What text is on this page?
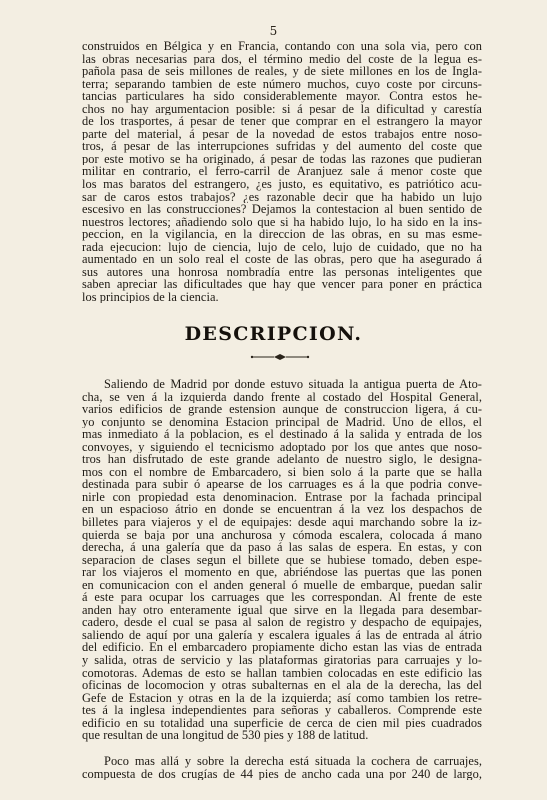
5
construidos en Bélgica y en Francia, contando con una sola via, pero con
las obras necesarias para dos, el término medio del coste de la legua es-
pañola pasa de seis millones de reales, y de siete millones en los de Ingla-
terra; separando tambien de este número muchos, cuyo coste por circuns-
tancias particulares ha sido considerablemente mayor. Contra estos he-
chos no hay argumentacion posible: si á pesar de la dificultad y carestía
de los trasportes, á pesar de tener que comprar en el estrangero la mayor
parte del material, á pesar de la novedad de estos trabajos entre noso-
tros, á pesar de las interrupciones sufridas y del aumento del coste que
por este motivo se ha originado, á pesar de todas las razones que pudieran
militar en contrario, el ferro-carril de Aranjuez sale á menor coste que
los mas baratos del estrangero, ¿es justo, es equitativo, es patriótico acu-
sar de caros estos trabajos? ¿es razonable decir que ha habido un lujo
escesivo en las construcciones? Dejamos la contestacion al buen sentido de
nuestros lectores; añadiendo solo que si ha habido lujo, lo ha sido en la ins-
peccion, en la vigilancia, en la direccion de las obras, en su mas esme-
rada ejecucion: lujo de ciencia, lujo de celo, lujo de cuidado, que no ha
aumentado en un solo real el coste de las obras, pero que ha asegurado á
sus autores una honrosa nombradía entre las personas inteligentes que
saben apreciar las dificultades que hay que vencer para poner en práctica
los principios de la ciencia.
DESCRIPCION.
Saliendo de Madrid por donde estuvo situada la antigua puerta de Ato-
cha, se ven á la izquierda dando frente al costado del Hospital General,
varios edificios de grande estension aunque de construccion ligera, á cu-
yo conjunto se denomina Estacion principal de Madrid. Uno de ellos, el
mas inmediato á la poblacion, es el destinado á la salida y entrada de los
convoyes, y siguiendo el tecnicismo adoptado por los que antes que noso-
tros han disfrutado de este grande adelanto de nuestro siglo, le designa-
mos con el nombre de Embarcadero, si bien solo á la parte que se halla
destinada para subir ó apearse de los carruages es á la que podria conve-
nirle con propiedad esta denominacion. Entrase por la fachada principal
en un espacioso átrio en donde se encuentran á la vez los despachos de
billetes para viajeros y el de equipajes: desde aqui marchando sobre la iz-
quierda se baja por una anchurosa y cómoda escalera, colocada á mano
derecha, á una galería que da paso á las salas de espera. En estas, y con
separacion de clases segun el billete que se hubiese tomado, deben espe-
rar los viajeros el momento en que, abriéndose las puertas que las ponen
en comunicacion con el anden general ó muelle de embarque, puedan salir
á este para ocupar los carruages que les correspondan. Al frente de este
anden hay otro enteramente igual que sirve en la llegada para desembar-
cadero, desde el cual se pasa al salon de registro y despacho de equipajes,
saliendo de aquí por una galería y escalera iguales á las de entrada al átrio
del edificio. En el embarcadero propiamente dicho estan las vias de entrada
y salida, otras de servicio y las plataformas giratorias para carruajes y lo-
comotoras. Ademas de esto se hallan tambien colocadas en este edificio las
oficinas de locomocion y otras subalternas en el ala de la derecha, las del
Gefe de Estacion y otras en la de la izquierda; así como tambien los retre-
tes á la inglesa independientes para señoras y caballeros. Comprende este
edificio en su totalidad una superficie de cerca de cien mil pies cuadrados
que resultan de una longitud de 530 pies y 188 de latitud.
Poco mas allá y sobre la derecha está situada la cochera de carruajes,
compuesta de dos crugías de 44 pies de ancho cada una por 240 de largo,
